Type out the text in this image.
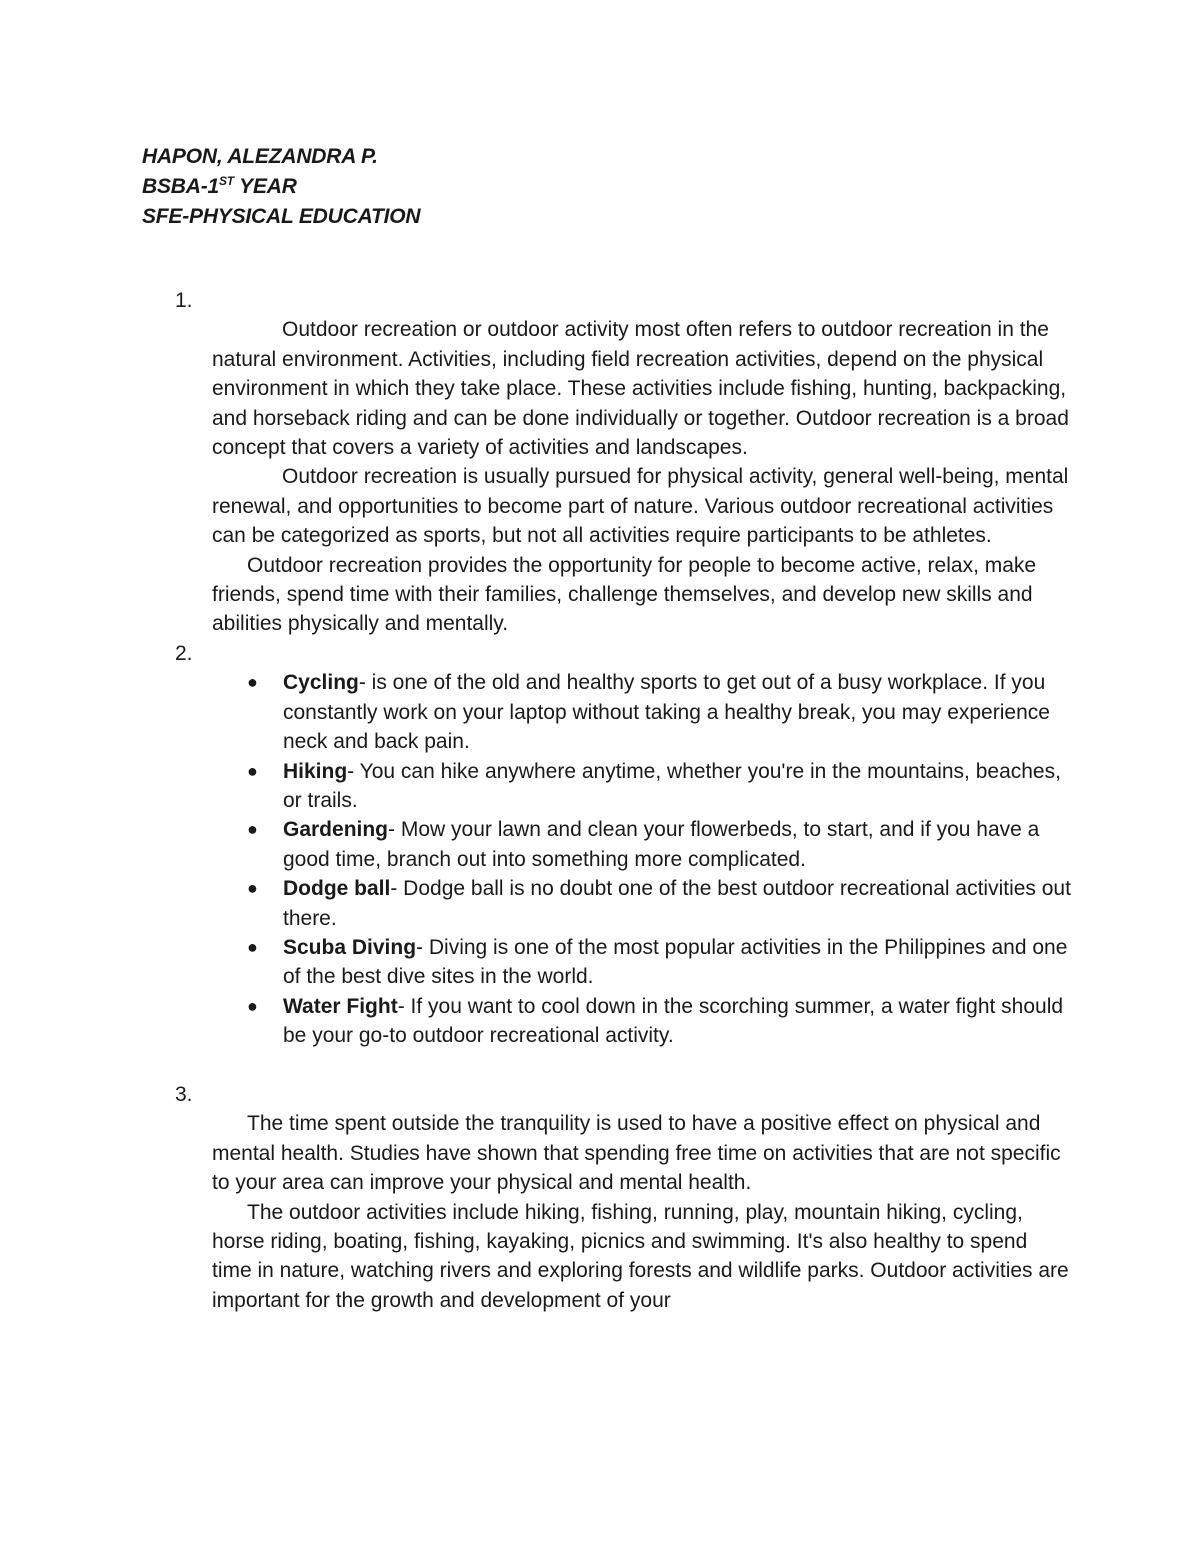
HAPON, ALEZANDRA P.
BSBA-1ST YEAR
SFE-PHYSICAL EDUCATION
1.
Outdoor recreation or outdoor activity most often refers to outdoor recreation in the natural environment. Activities, including field recreation activities, depend on the physical environment in which they take place. These activities include fishing, hunting, backpacking, and horseback riding and can be done individually or together. Outdoor recreation is a broad concept that covers a variety of activities and landscapes.
Outdoor recreation is usually pursued for physical activity, general well-being, mental renewal, and opportunities to become part of nature. Various outdoor recreational activities can be categorized as sports, but not all activities require participants to be athletes.
Outdoor recreation provides the opportunity for people to become active, relax, make friends, spend time with their families, challenge themselves, and develop new skills and abilities physically and mentally.
2.
● Cycling- is one of the old and healthy sports to get out of a busy workplace. If you constantly work on your laptop without taking a healthy break, you may experience neck and back pain.
● Hiking- You can hike anywhere anytime, whether you're in the mountains, beaches, or trails.
● Gardening- Mow your lawn and clean your flowerbeds, to start, and if you have a good time, branch out into something more complicated.
● Dodge ball- Dodge ball is no doubt one of the best outdoor recreational activities out there.
● Scuba Diving- Diving is one of the most popular activities in the Philippines and one of the best dive sites in the world.
● Water Fight- If you want to cool down in the scorching summer, a water fight should be your go-to outdoor recreational activity.
3.
The time spent outside the tranquility is used to have a positive effect on physical and mental health. Studies have shown that spending free time on activities that are not specific to your area can improve your physical and mental health.
The outdoor activities include hiking, fishing, running, play, mountain hiking, cycling, horse riding, boating, fishing, kayaking, picnics and swimming. It's also healthy to spend time in nature, watching rivers and exploring forests and wildlife parks. Outdoor activities are important for the growth and development of your
